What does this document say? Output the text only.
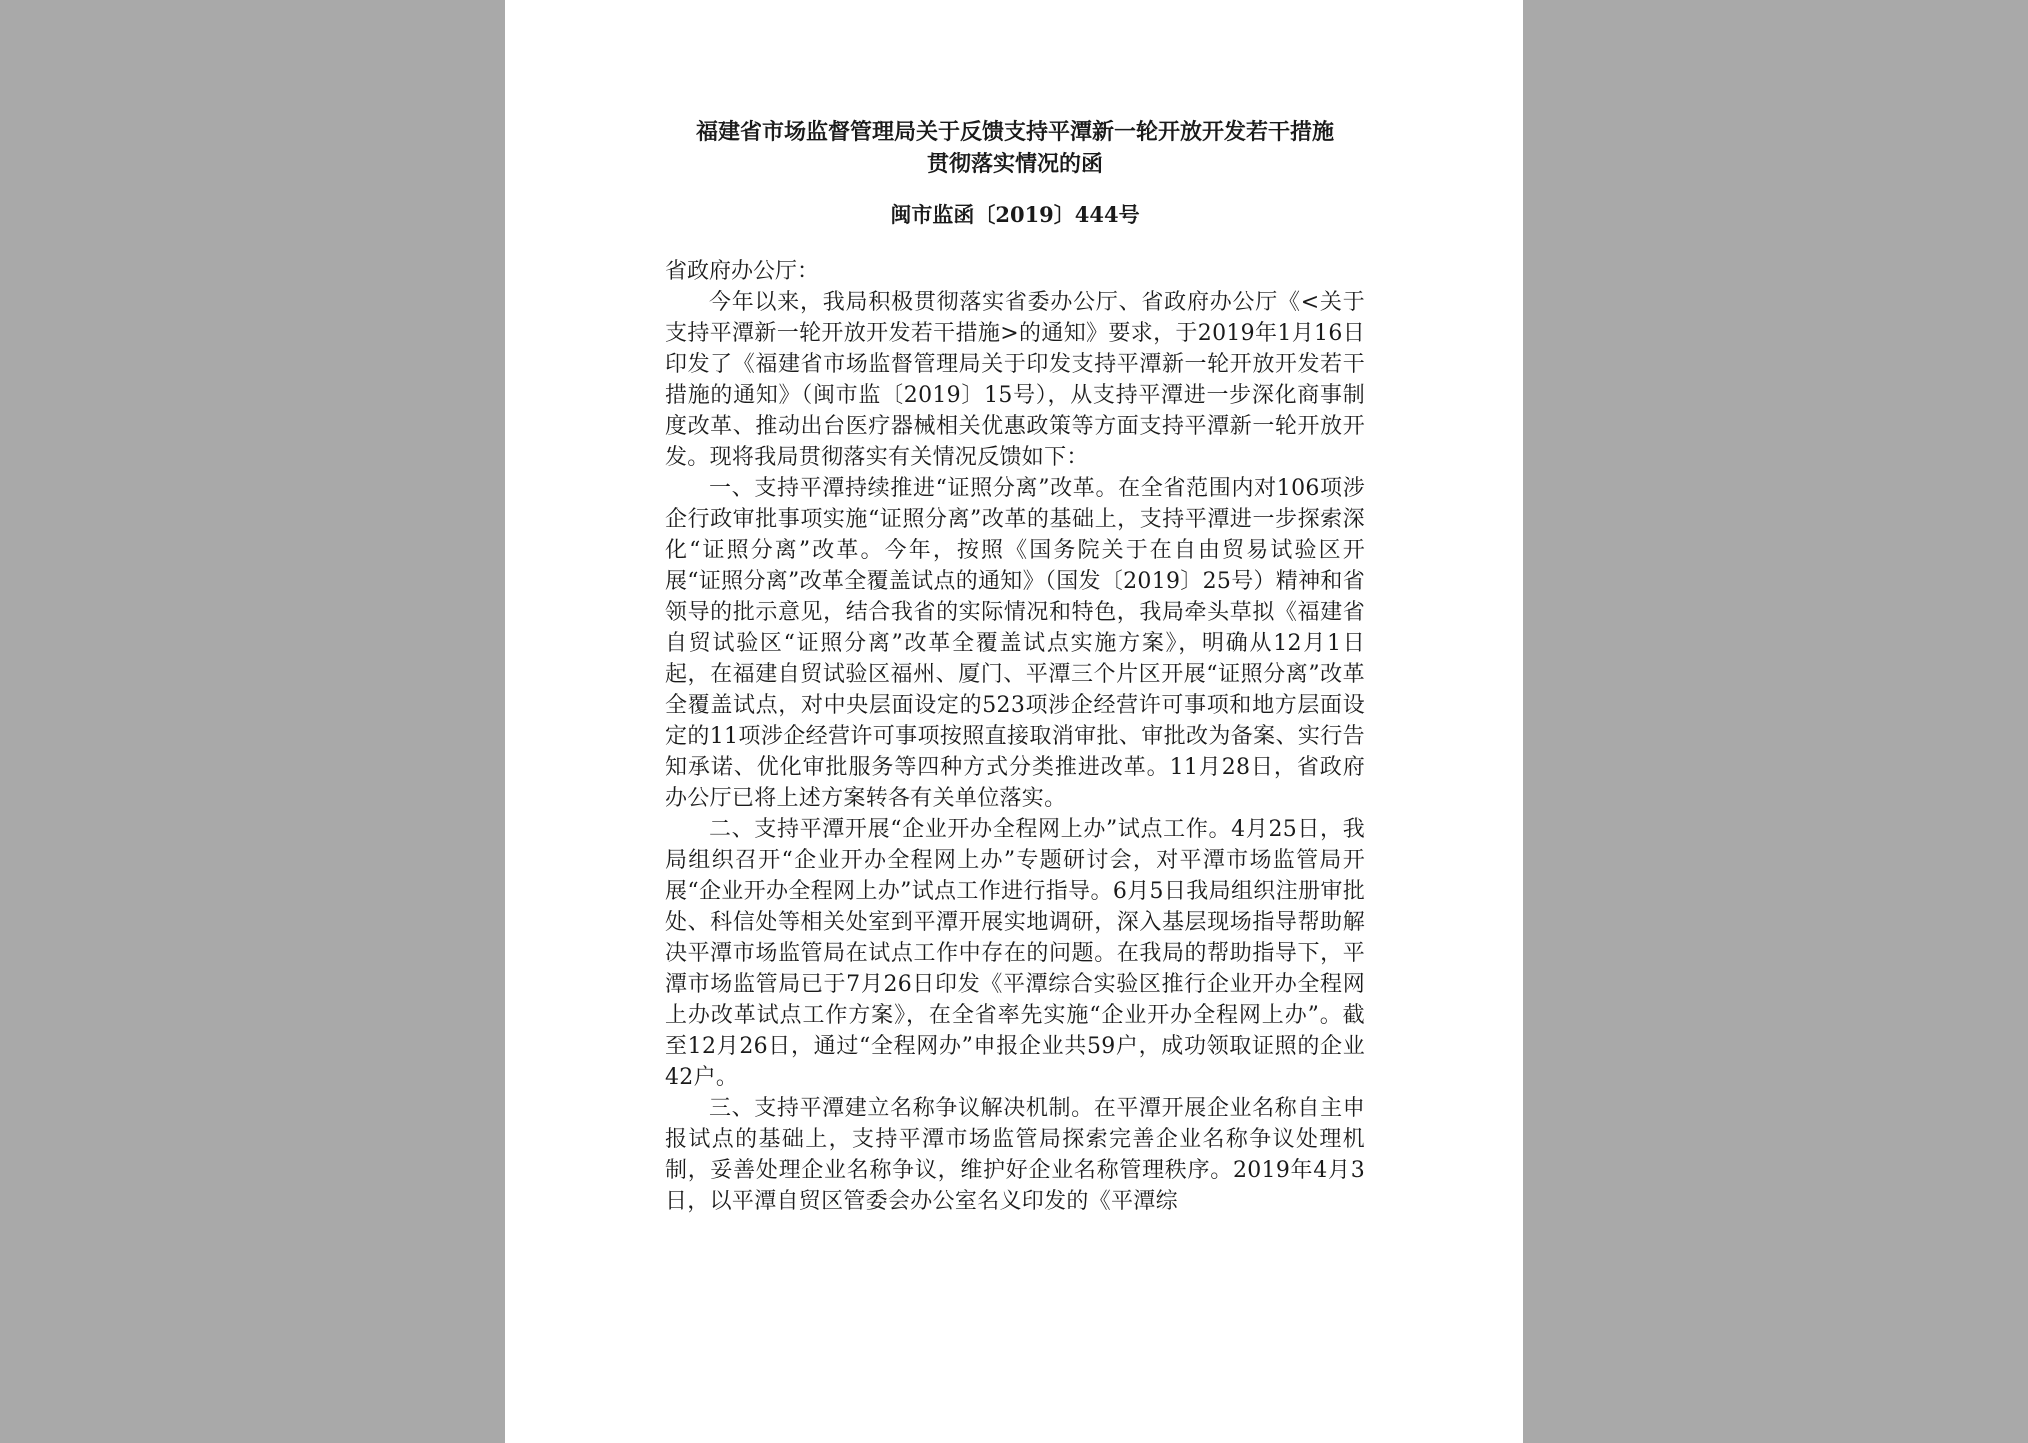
福建省市场监督管理局关于反馈支持平潭新一轮开放开发若干措施
贯彻落实情况的函

闽市监函〔2019〕444号

省政府办公厅：

今年以来，我局积极贯彻落实省委办公厅、省政府办公厅《<关于支持平潭新一轮开放开发若干措施>的通知》要求，于2019年1月16日印发了《福建省市场监督管理局关于印发支持平潭新一轮开放开发若干措施的通知》（闽市监〔2019〕15号），从支持平潭进一步深化商事制度改革、推动出台医疗器械相关优惠政策等方面支持平潭新一轮开放开发。现将我局贯彻落实有关情况反馈如下：

一、支持平潭持续推进“证照分离”改革。在全省范围内对106项涉企行政审批事项实施“证照分离”改革的基础上，支持平潭进一步探索深化“证照分离”改革。今年，按照《国务院关于在自由贸易试验区开展“证照分离”改革全覆盖试点的通知》（国发〔2019〕25号）精神和省领导的批示意见，结合我省的实际情况和特色，我局牵头草拟《福建省自贸试验区“证照分离”改革全覆盖试点实施方案》，明确从12月1日起，在福建自贸试验区福州、厦门、平潭三个片区开展“证照分离”改革全覆盖试点，对中央层面设定的523项涉企经营许可事项和地方层面设定的11项涉企经营许可事项按照直接取消审批、审批改为备案、实行告知承诺、优化审批服务等四种方式分类推进改革。11月28日，省政府办公厅已将上述方案转各有关单位落实。

二、支持平潭开展“企业开办全程网上办”试点工作。4月25日，我局组织召开“企业开办全程网上办”专题研讨会，对平潭市场监管局开展“企业开办全程网上办”试点工作进行指导。6月5日我局组织注册审批处、科信处等相关处室到平潭开展实地调研，深入基层现场指导帮助解决平潭市场监管局在试点工作中存在的问题。在我局的帮助指导下，平潭市场监管局已于7月26日印发《平潭综合实验区推行企业开办全程网上办改革试点工作方案》，在全省率先实施“企业开办全程网上办”。截至12月26日，通过“全程网办”申报企业共59户，成功领取证照的企业42户。

三、支持平潭建立名称争议解决机制。在平潭开展企业名称自主申报试点的基础上，支持平潭市场监管局探索完善企业名称争议处理机制，妥善处理企业名称争议，维护好企业名称管理秩序。2019年4月3日，以平潭自贸区管委会办公室名义印发的《平潭综
